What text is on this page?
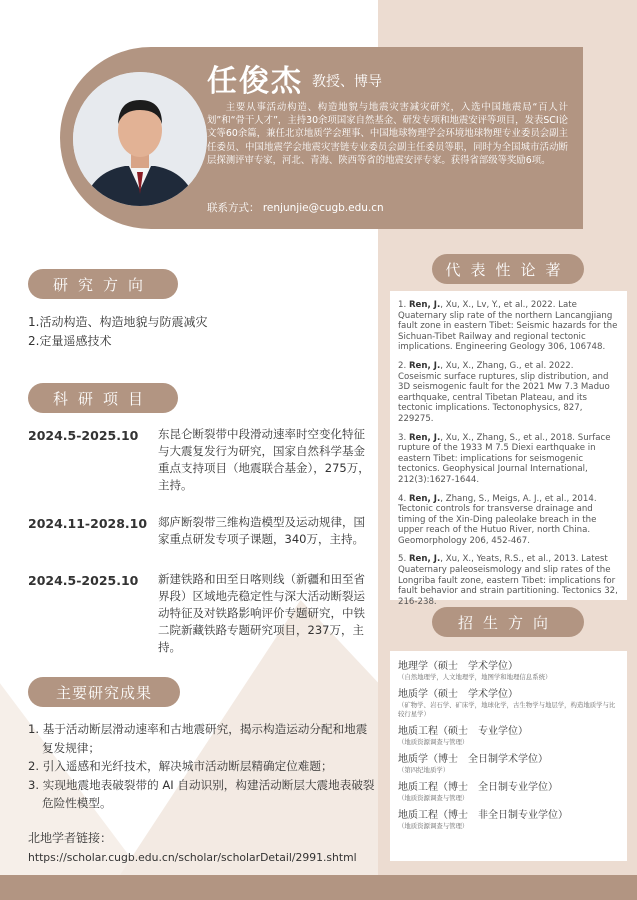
任俊杰 教授、博导
主要从事活动构造、构造地貌与地震灾害减灾研究，入选中国地震局“百人计划”和“骨干人才”，主持30余项国家自然基金、研发专项和地震安评等项目，发表SCI论文等60余篇，兼任北京地质学会理事、中国地球物理学会环境地球物理专业委员会副主任委员、中国地震学会地震灾害链专业委员会副主任委员等职，同时为全国城市活动断层探测评审专家，河北、青海、陕西等省的地震安评专家。获得省部级等奖励6项。
联系方式： renjunjie@cugb.edu.cn
研究方向
1.活动构造、构造地貌与防震减灾
2.定量遥感技术
科研项目
2024.5-2025.10 东昆仑断裂带中段滑动速率时空变化特征与大震复发行为研究，国家自然科学基金重点支持项目（地震联合基金），275万，主持。
2024.11-2028.10 郯庐断裂带三维构造模型及运动规律，国家重点研发专项子课题，340万，主持。
2024.5-2025.10 新建铁路和田至日喀则线（新疆和田至省界段）区域地壳稳定性与深大活动断裂运动特征及对铁路影响评价专题研究，中铁二院新藏铁路专题研究项目，237万，主持。
主要研究成果
1. 基于活动断层滑动速率和古地震研究，揭示构造运动分配和地震复发规律；
2. 引入遥感和光纤技术，解决城市活动断层精确定位难题；
3. 实现地震地表破裂带的 AI 自动识别，构建活动断层大震地表破裂危险性模型。
北地学者链接：
https://scholar.cugb.edu.cn/scholar/scholarDetail/2991.shtml
代表性论著
1. Ren, J., Xu, X., Lv, Y., et al., 2022. Late Quaternary slip rate of the northern Lancangjiang fault zone in eastern Tibet: Seismic hazards for the Sichuan-Tibet Railway and regional tectonic implications. Engineering Geology 306, 106748.
2. Ren, J., Xu, X., Zhang, G., et al. 2022. Coseismic surface ruptures, slip distribution, and 3D seismogenic fault for the 2021 Mw 7.3 Maduo earthquake, central Tibetan Plateau, and its tectonic implications. Tectonophysics, 827, 229275.
3. Ren, J., Xu, X., Zhang, S., et al., 2018. Surface rupture of the 1933 M 7.5 Diexi earthquake in eastern Tibet: implications for seismogenic tectonics. Geophysical Journal International, 212(3):1627-1644.
4. Ren, J., Zhang, S., Meigs, A. J., et al., 2014. Tectonic controls for transverse drainage and timing of the Xin-Ding paleolake breach in the upper reach of the Hutuo River, north China. Geomorphology 206, 452-467.
5. Ren, J., Xu, X., Yeats, R.S., et al., 2013. Latest Quaternary paleoseismology and slip rates of the Longriba fault zone, eastern Tibet: implications for fault behavior and strain partitioning. Tectonics 32, 216-238.
招生方向
地理学（硕士　学术学位）
（自然地理学，人文地理学，地图学和地理信息系统）
地质学（硕士　学术学位）
（矿物学、岩石学、矿床学，地球化学，古生物学与地层学，构造地质学与比较行星学）
地质工程（硕士　专业学位）
（地质资源调查与管理）
地质学（博士　全日制学术学位）
（第四纪地质学）
地质工程（博士　全日制专业学位）
（地质资源调查与管理）
地质工程（博士　非全日制专业学位）
（地质资源调查与管理）
